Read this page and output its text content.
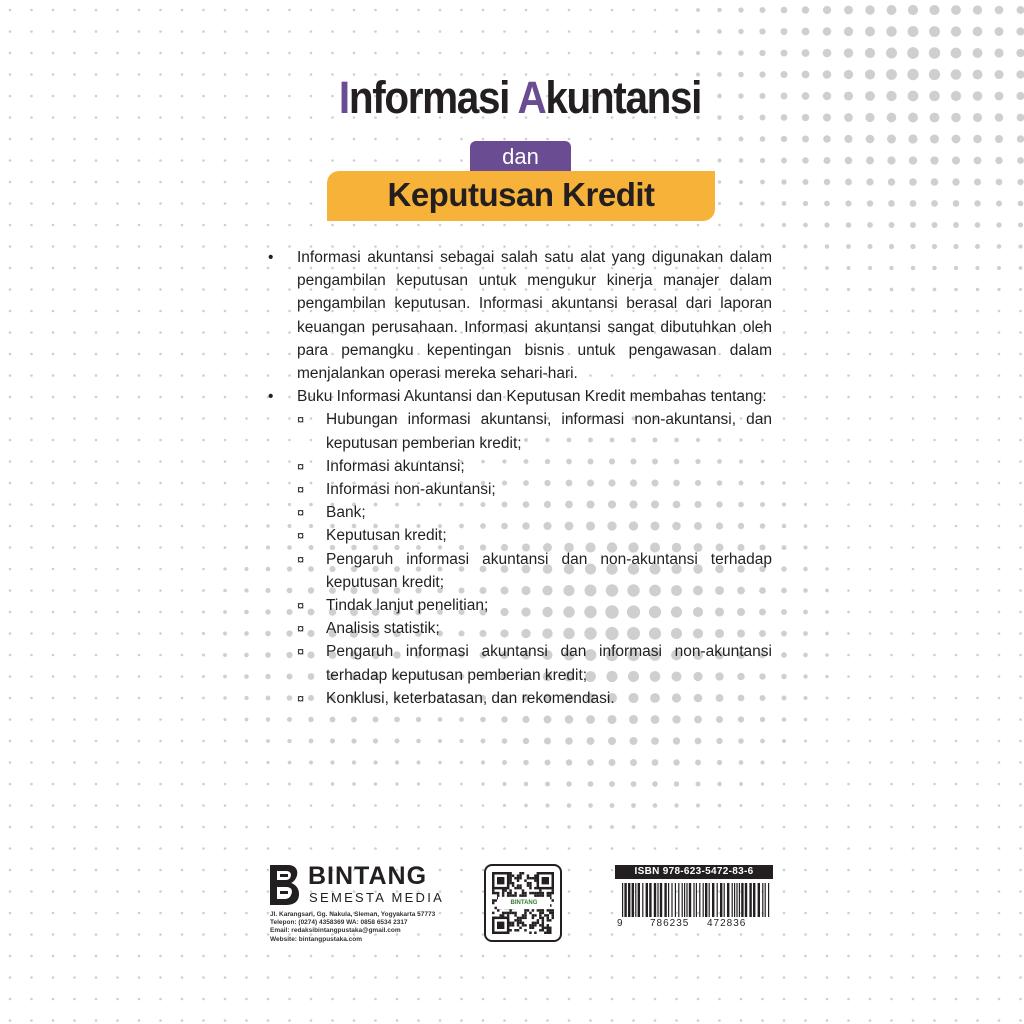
Informasi Akuntansi
dan
Keputusan Kredit
• Informasi akuntansi sebagai salah satu alat yang digunakan dalam pengambilan keputusan untuk mengukur kinerja manajer dalam pengambilan keputusan. Informasi akuntansi berasal dari laporan keuangan perusahaan. Informasi akuntansi sangat dibutuhkan oleh para pemangku kepentingan bisnis untuk pengawasan dalam menjalankan operasi mereka sehari-hari.
• Buku Informasi Akuntansi dan Keputusan Kredit membahas tentang:
¤ Hubungan informasi akuntansi, informasi non-akuntansi, dan keputusan pemberian kredit;
¤ Informasi akuntansi;
¤ Informasi non-akuntansi;
¤ Bank;
¤ Keputusan kredit;
¤ Pengaruh informasi akuntansi dan non-akuntansi terhadap keputusan kredit;
¤ Tindak lanjut penelitian;
¤ Analisis statistik;
¤ Pengaruh informasi akuntansi dan informasi non-akuntansi terhadap keputusan pemberian kredit;
¤ Konklusi, keterbatasan, dan rekomendasi.
BINTANG
SEMESTA MEDIA
Jl. Karangsari, Gg. Nakula, Sleman, Yogyakarta 57773
Telepon: (0274) 4358369 WA: 0858 6534 2317
Email: redaksibintangpustaka@gmail.com
Website: bintangpustaka.com
BINTANG
ISBN 978-623-5472-83-6
9	786235 472836
